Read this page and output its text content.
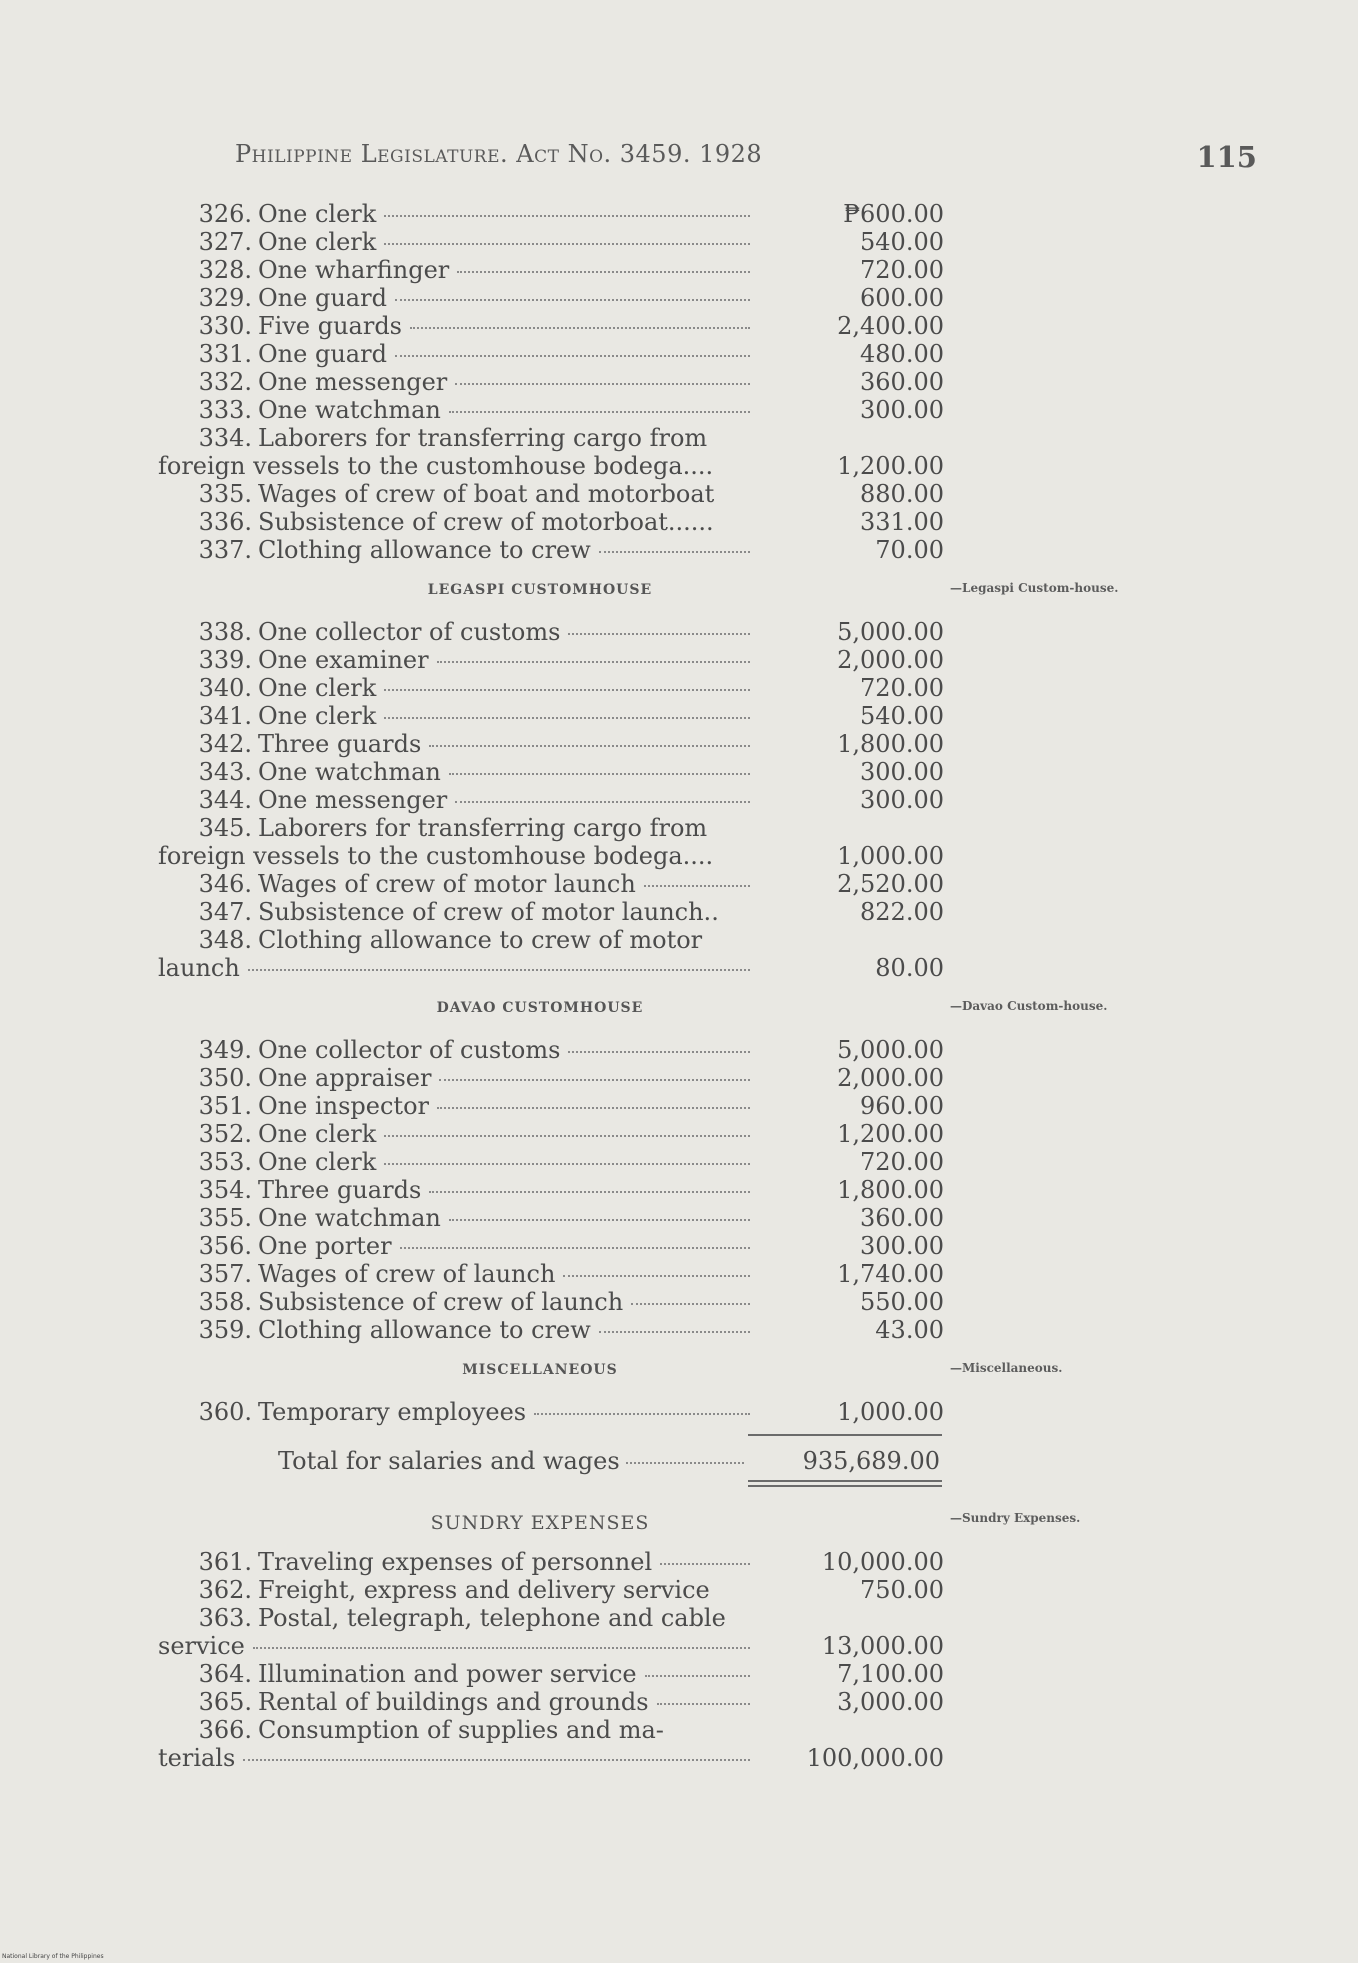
Philippine Legislature. Act No. 3459. 1928	115
326. One clerk	₱600.00
327. One clerk	540.00
328. One wharfinger	720.00
329. One guard	600.00
330. Five guards	2,400.00
331. One guard	480.00
332. One messenger	360.00
333. One watchman	300.00
334. Laborers for transferring cargo from
foreign vessels to the customhouse bodega....	1,200.00
335. Wages of crew of boat and motorboat	880.00
336. Subsistence of crew of motorboat......	331.00
337. Clothing allowance to crew	70.00
LEGASPI CUSTOMHOUSE	—Legaspi Custom-house.
338. One collector of customs	5,000.00
339. One examiner	2,000.00
340. One clerk	720.00
341. One clerk	540.00
342. Three guards	1,800.00
343. One watchman	300.00
344. One messenger	300.00
345. Laborers for transferring cargo from
foreign vessels to the customhouse bodega....	1,000.00
346. Wages of crew of motor launch	2,520.00
347. Subsistence of crew of motor launch..	822.00
348. Clothing allowance to crew of motor
launch	80.00
DAVAO CUSTOMHOUSE	—Davao Custom-house.
349. One collector of customs	5,000.00
350. One appraiser	2,000.00
351. One inspector	960.00
352. One clerk	1,200.00
353. One clerk	720.00
354. Three guards	1,800.00
355. One watchman	360.00
356. One porter	300.00
357. Wages of crew of launch	1,740.00
358. Subsistence of crew of launch	550.00
359. Clothing allowance to crew	43.00
MISCELLANEOUS	—Miscellaneous.
360. Temporary employees	1,000.00
Total for salaries and wages	935,689.00
SUNDRY EXPENSES	—Sundry Expenses.
361. Traveling expenses of personnel	10,000.00
362. Freight, express and delivery service	750.00
363. Postal, telegraph, telephone and cable
service	13,000.00
364. Illumination and power service	7,100.00
365. Rental of buildings and grounds	3,000.00
366. Consumption of supplies and ma-
terials	100,000.00
National Library of the Philippines
